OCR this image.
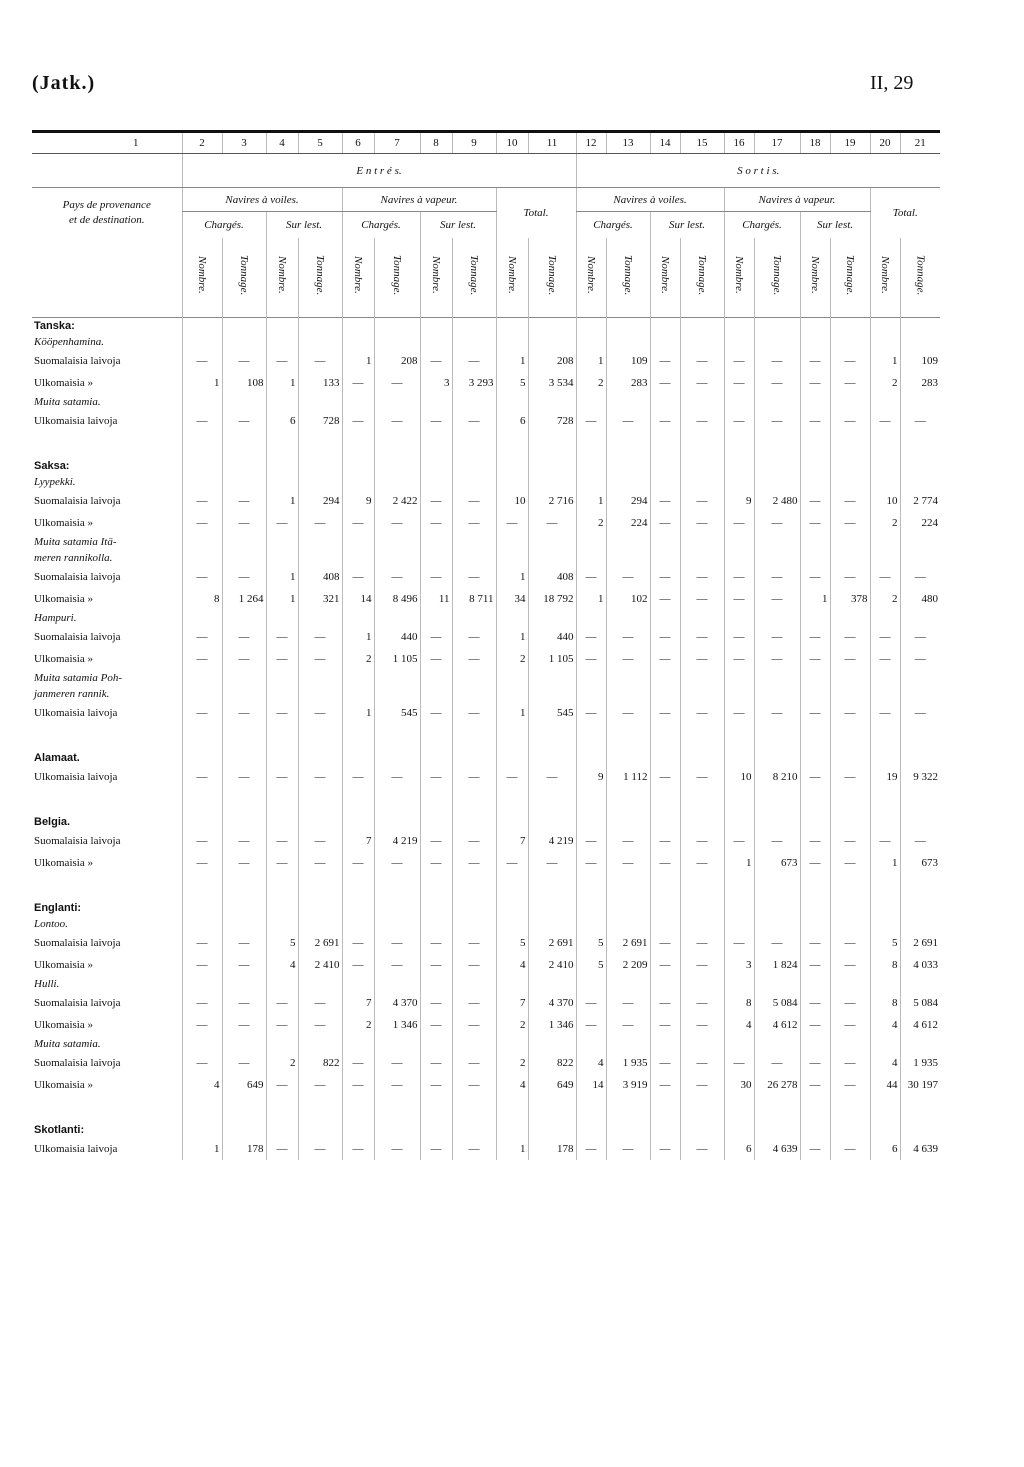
(Jatk.)	II, 29
1	2	3	4	5	6	7	8	9	10	11	12	13	14	15	16	17	18	19	20	21
	E n t r é s.										S o r t i s.									
Pays de provenance
et de destination.	Navires à voiles.				Navires à vapeur.				Total.		Navires à voiles.				Navires à vapeur.				Total.	
	Chargés.		Sur lest.		Chargés.		Sur lest.				Chargés.		Sur lest.		Chargés.		Sur lest.			
	Nombre.	Tonnage.	Nombre.	Tonnage.	Nombre.	Tonnage.	Nombre.	Tonnage.	Nombre.	Tonnage.	Nombre.	Tonnage.	Nombre.	Tonnage.	Nombre.	Tonnage.	Nombre.	Tonnage.	Nombre.	Tonnage.
Tanska:																				
Kööpenhamina.																				
Suomalaisia laivoja	—	—	—	—	1	208	—	—	1	208	1	109	—	—	—	—	—	—	1	109
Ulkomaisia »	1	108	1	133	—	—	3	3 293	5	3 534	2	283	—	—	—	—	—	—	2	283
Muita satamia.																				
Ulkomaisia laivoja	—	—	6	728	—	—	—	—	6	728	—	—	—	—	—	—	—	—	—	—

Saksa:																				
Lyypekki.																				
Suomalaisia laivoja	—	—	1	294	9	2 422	—	—	10	2 716	1	294	—	—	9	2 480	—	—	10	2 774
Ulkomaisia »	—	—	—	—	—	—	—	—	—	—	2	224	—	—	—	—	—	—	2	224
Muita satamia Itä-																				
meren rannikolla.																				
Suomalaisia laivoja	—	—	1	408	—	—	—	—	1	408	—	—	—	—	—	—	—	—	—	—
Ulkomaisia »	8	1 264	1	321	14	8 496	11	8 711	34	18 792	1	102	—	—	—	—	1	378	2	480
Hampuri.																				
Suomalaisia laivoja	—	—	—	—	1	440	—	—	1	440	—	—	—	—	—	—	—	—	—	—
Ulkomaisia »	—	—	—	—	2	1 105	—	—	2	1 105	—	—	—	—	—	—	—	—	—	—
Muita satamia Poh-																				
janmeren rannik.																				
Ulkomaisia laivoja	—	—	—	—	1	545	—	—	1	545	—	—	—	—	—	—	—	—	—	—

Alamaat.																				
Ulkomaisia laivoja	—	—	—	—	—	—	—	—	—	—	9	1 112	—	—	10	8 210	—	—	19	9 322

Belgia.																				
Suomalaisia laivoja	—	—	—	—	7	4 219	—	—	7	4 219	—	—	—	—	—	—	—	—	—	—
Ulkomaisia »	—	—	—	—	—	—	—	—	—	—	—	—	—	—	1	673	—	—	1	673

Englanti:																				
Lontoo.																				
Suomalaisia laivoja	—	—	5	2 691	—	—	—	—	5	2 691	5	2 691	—	—	—	—	—	—	5	2 691
Ulkomaisia »	—	—	4	2 410	—	—	—	—	4	2 410	5	2 209	—	—	3	1 824	—	—	8	4 033
Hulli.																				
Suomalaisia laivoja	—	—	—	—	7	4 370	—	—	7	4 370	—	—	—	—	8	5 084	—	—	8	5 084
Ulkomaisia »	—	—	—	—	2	1 346	—	—	2	1 346	—	—	—	—	4	4 612	—	—	4	4 612
Muita satamia.																				
Suomalaisia laivoja	—	—	2	822	—	—	—	—	2	822	4	1 935	—	—	—	—	—	—	4	1 935
Ulkomaisia »	4	649	—	—	—	—	—	—	4	649	14	3 919	—	—	30	26 278	—	—	44	30 197

Skotlanti:																				
Ulkomaisia laivoja	1	178	—	—	—	—	—	—	1	178	—	—	—	—	6	4 639	—	—	6	4 639
